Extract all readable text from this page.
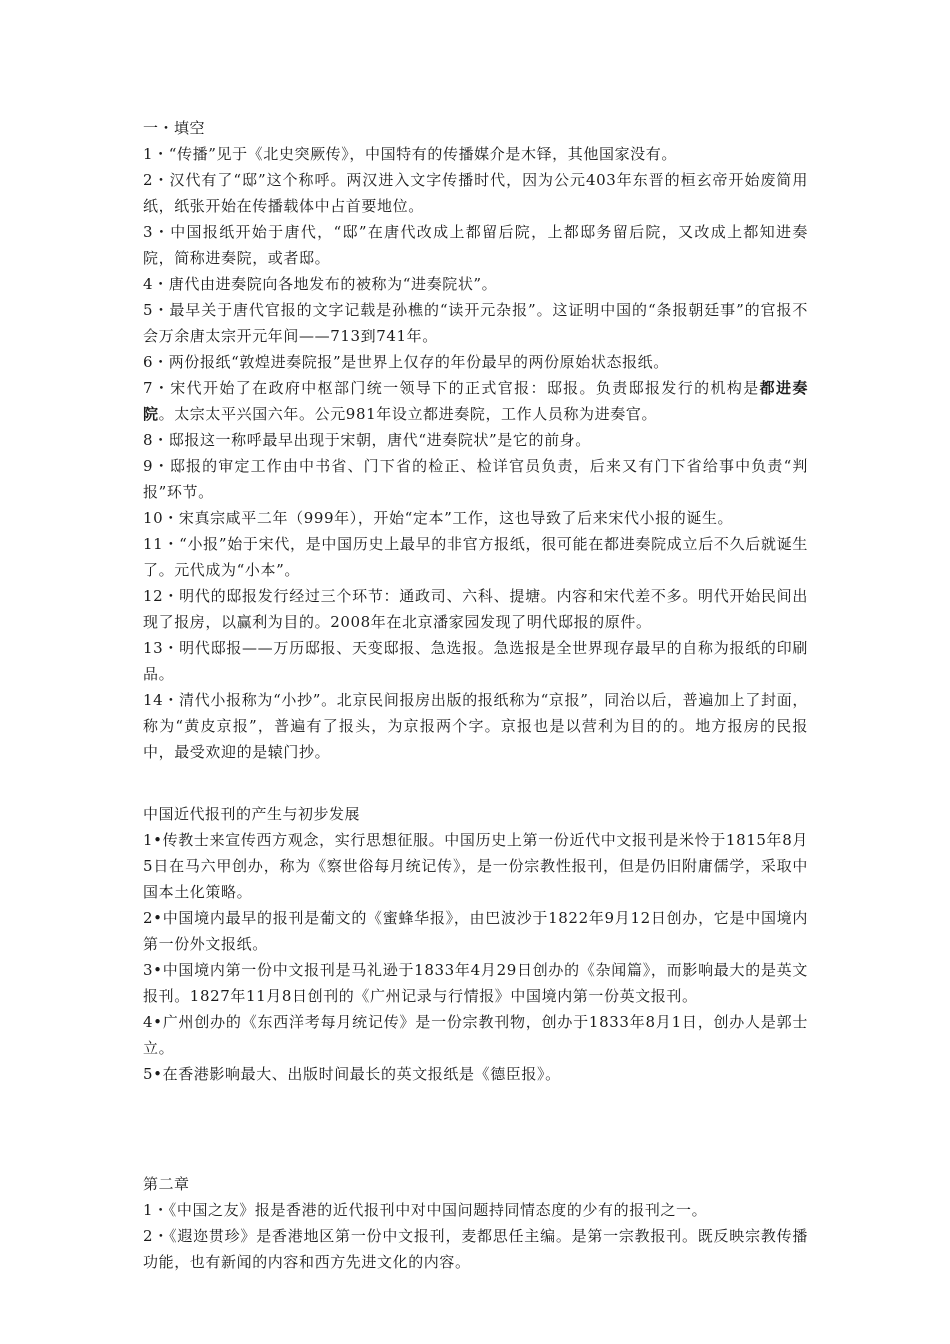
一・填空

1・“传播”见于《北史突厥传》，中国特有的传播媒介是木铎，其他国家没有。

2・汉代有了“邸”这个称呼。两汉进入文字传播时代，因为公元403年东晋的桓玄帝开始废简用纸，纸张开始在传播载体中占首要地位。

3・中国报纸开始于唐代，“邸”在唐代改成上都留后院，上都邸务留后院，又改成上都知进奏院，简称进奏院，或者邸。

4・唐代由进奏院向各地发布的被称为“进奏院状”。

5・最早关于唐代官报的文字记载是孙樵的“读开元杂报”。这证明中国的“条报朝廷事”的官报不会万余唐太宗开元年间——713到741年。

6・两份报纸“敦煌进奏院报”是世界上仅存的年份最早的两份原始状态报纸。

7・宋代开始了在政府中枢部门统一领导下的正式官报：邸报。负责邸报发行的机构是都进奏院。太宗太平兴国六年。公元981年设立都进奏院，工作人员称为进奏官。

8・邸报这一称呼最早出现于宋朝，唐代“进奏院状”是它的前身。

9・邸报的审定工作由中书省、门下省的检正、检详官员负责，后来又有门下省给事中负责“判报”环节。

10・宋真宗咸平二年（999年），开始“定本”工作，这也导致了后来宋代小报的诞生。

11・“小报”始于宋代，是中国历史上最早的非官方报纸，很可能在都进奏院成立后不久后就诞生了。元代成为“小本”。

12・明代的邸报发行经过三个环节：通政司、六科、提塘。内容和宋代差不多。明代开始民间出现了报房，以赢利为目的。2008年在北京潘家园发现了明代邸报的原件。

13・明代邸报——万历邸报、天变邸报、急选报。急选报是全世界现存最早的自称为报纸的印刷品。

14・清代小报称为“小抄”。北京民间报房出版的报纸称为“京报”，同治以后，普遍加上了封面，称为“黄皮京报”，普遍有了报头，为京报两个字。京报也是以营利为目的的。地方报房的民报中，最受欢迎的是辕门抄。

中国近代报刊的产生与初步发展

1•传教士来宣传西方观念，实行思想征服。中国历史上第一份近代中文报刊是米怜于1815年8月5日在马六甲创办，称为《察世俗每月统记传》，是一份宗教性报刊，但是仍旧附庸儒学，采取中国本土化策略。

2•中国境内最早的报刊是葡文的《蜜蜂华报》，由巴波沙于1822年9月12日创办，它是中国境内第一份外文报纸。

3•中国境内第一份中文报刊是马礼逊于1833年4月29日创办的《杂闻篇》，而影响最大的是英文报刊。1827年11月8日创刊的《广州记录与行情报》中国境内第一份英文报刊。

4•广州创办的《东西洋考每月统记传》是一份宗教刊物，创办于1833年8月1日，创办人是郭士立。

5•在香港影响最大、出版时间最长的英文报纸是《德臣报》。

第二章

1・《中国之友》报是香港的近代报刊中对中国问题持同情态度的少有的报刊之一。

2・《遐迩贯珍》是香港地区第一份中文报刊，麦都思任主编。是第一宗教报刊。既反映宗教传播功能，也有新闻的内容和西方先进文化的内容。
